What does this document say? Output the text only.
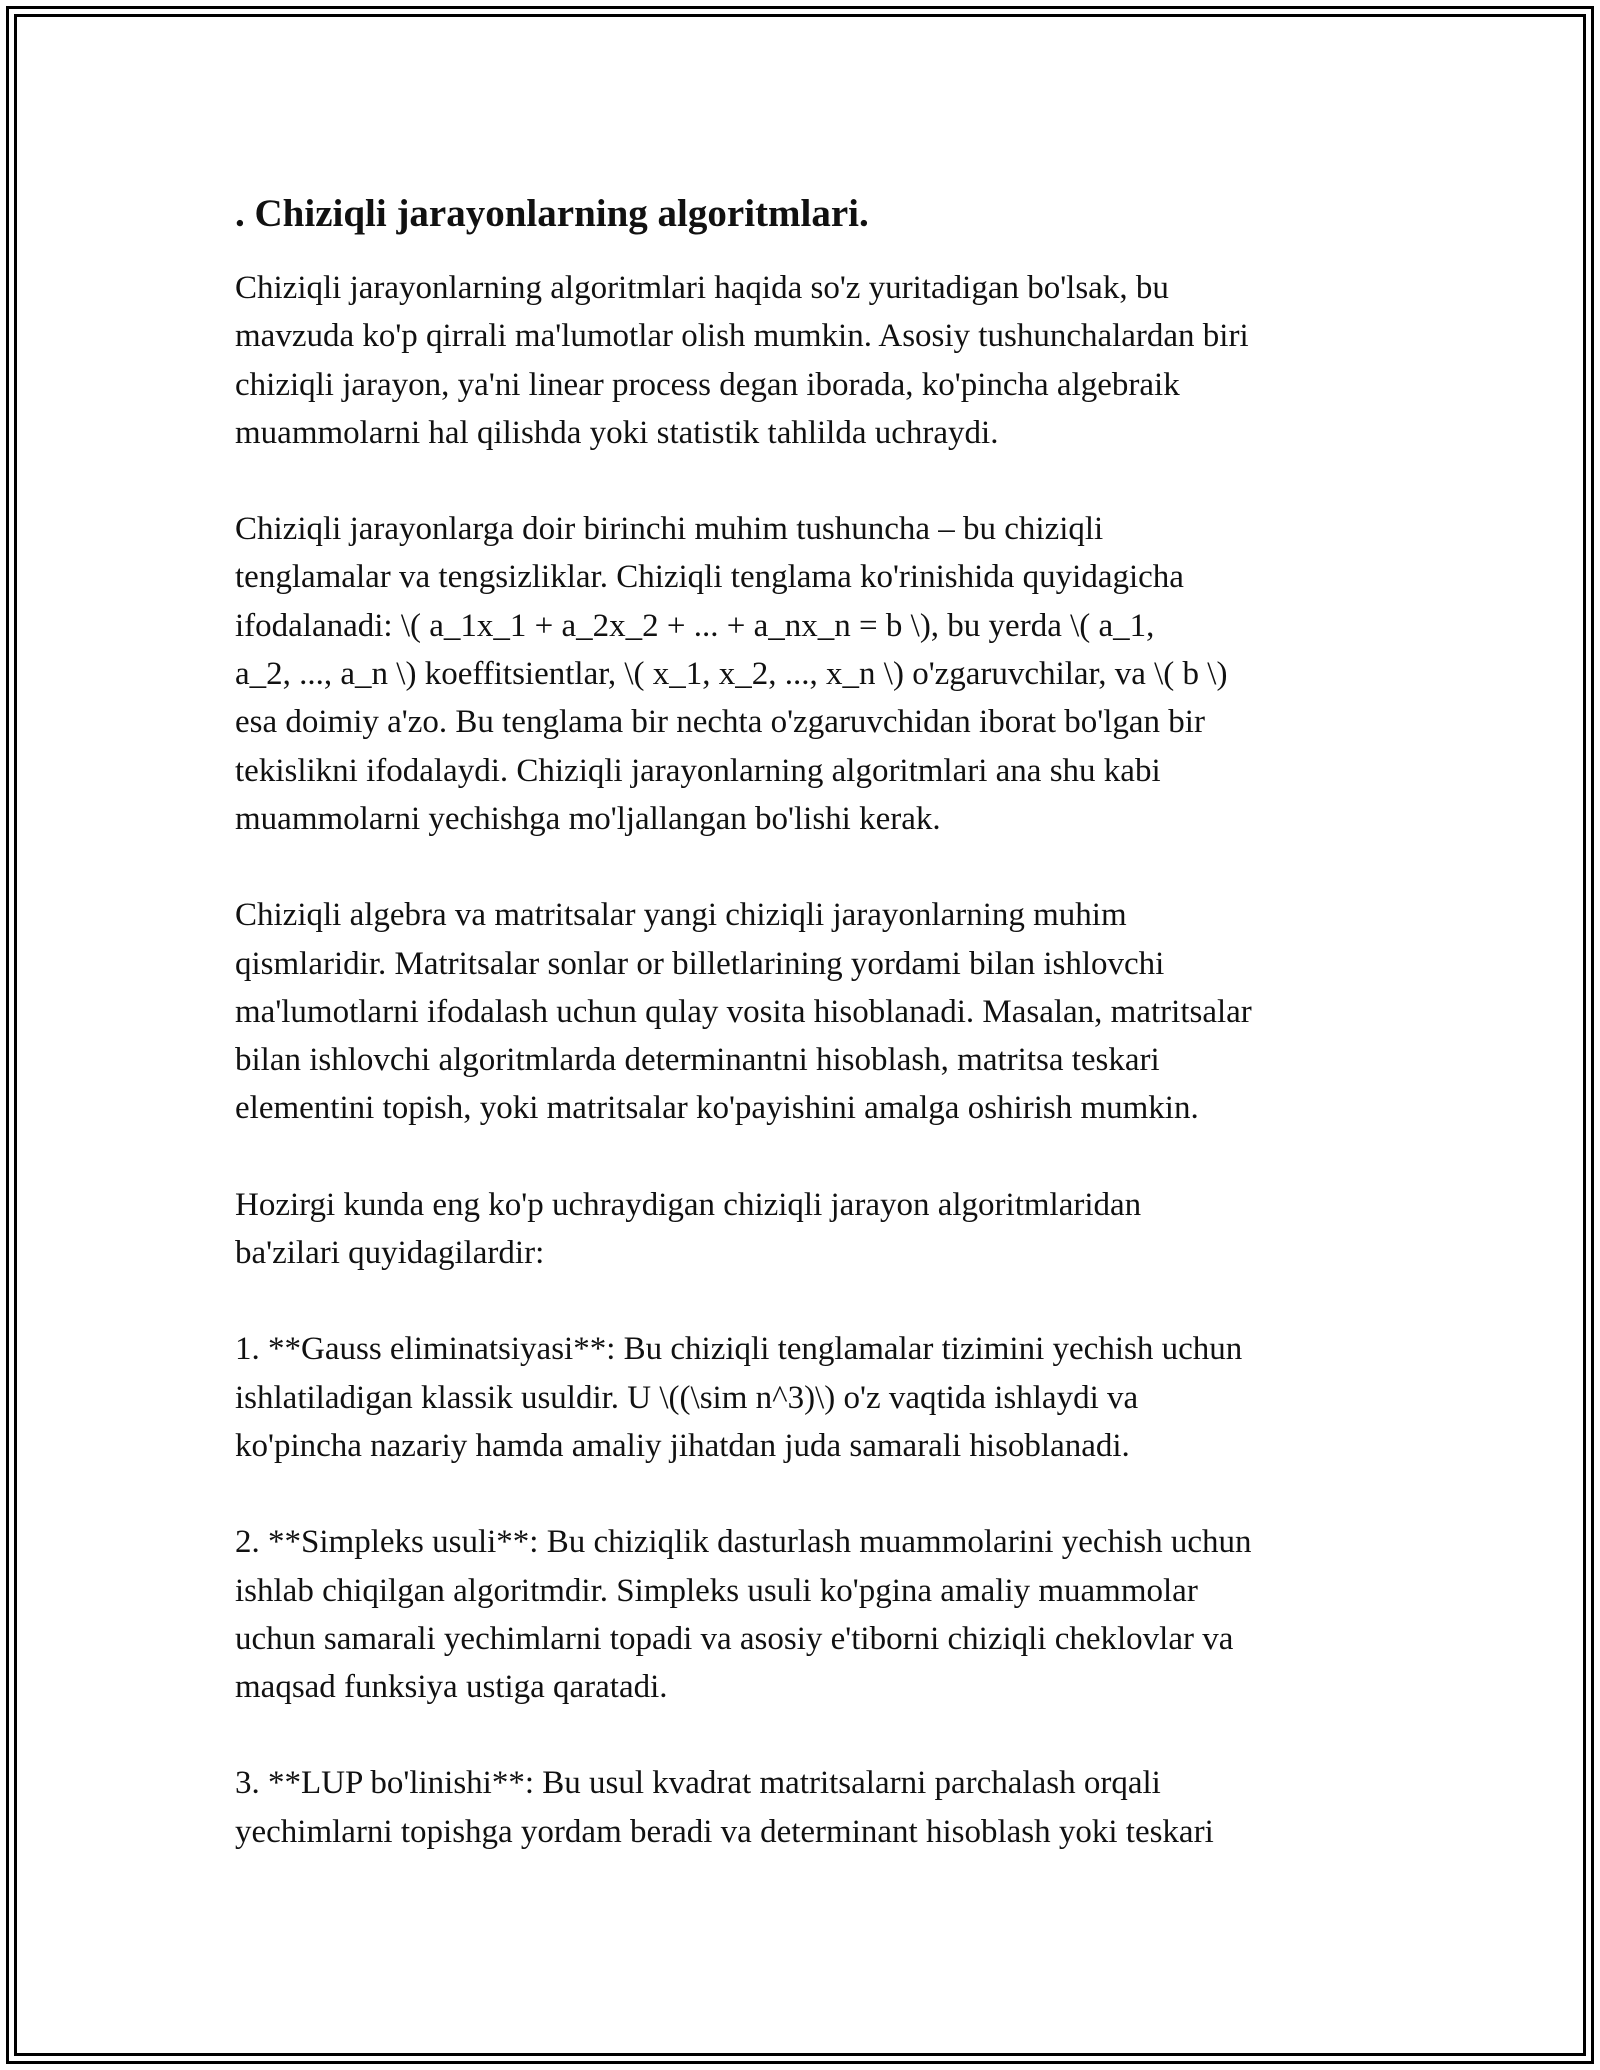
. Chiziqli jarayonlarning algoritmlari.

Chiziqli jarayonlarning algoritmlari haqida so'z yuritadigan bo'lsak, bu
mavzuda ko'p qirrali ma'lumotlar olish mumkin. Asosiy tushunchalardan biri
chiziqli jarayon, ya'ni linear process degan iborada, ko'pincha algebraik
muammolarni hal qilishda yoki statistik tahlilda uchraydi.

Chiziqli jarayonlarga doir birinchi muhim tushuncha – bu chiziqli
tenglamalar va tengsizliklar. Chiziqli tenglama ko'rinishida quyidagicha
ifodalanadi: \( a_1x_1 + a_2x_2 + ... + a_nx_n = b \), bu yerda \( a_1,
a_2, ..., a_n \) koeffitsientlar, \( x_1, x_2, ..., x_n \) o'zgaruvchilar, va \( b \)
esa doimiy a'zo. Bu tenglama bir nechta o'zgaruvchidan iborat bo'lgan bir
tekislikni ifodalaydi. Chiziqli jarayonlarning algoritmlari ana shu kabi
muammolarni yechishga mo'ljallangan bo'lishi kerak.

Chiziqli algebra va matritsalar yangi chiziqli jarayonlarning muhim
qismlaridir. Matritsalar sonlar or billetlarining yordami bilan ishlovchi
ma'lumotlarni ifodalash uchun qulay vosita hisoblanadi. Masalan, matritsalar
bilan ishlovchi algoritmlarda determinantni hisoblash, matritsa teskari
elementini topish, yoki matritsalar ko'payishini amalga oshirish mumkin.

Hozirgi kunda eng ko'p uchraydigan chiziqli jarayon algoritmlaridan
ba'zilari quyidagilardir:

1. **Gauss eliminatsiyasi**: Bu chiziqli tenglamalar tizimini yechish uchun
ishlatiladigan klassik usuldir. U \((\sim n^3)\) o'z vaqtida ishlaydi va
ko'pincha nazariy hamda amaliy jihatdan juda samarali hisoblanadi.

2. **Simpleks usuli**: Bu chiziqlik dasturlash muammolarini yechish uchun
ishlab chiqilgan algoritmdir. Simpleks usuli ko'pgina amaliy muammolar
uchun samarali yechimlarni topadi va asosiy e'tiborni chiziqli cheklovlar va
maqsad funksiya ustiga qaratadi.

3. **LUP bo'linishi**: Bu usul kvadrat matritsalarni parchalash orqali
yechimlarni topishga yordam beradi va determinant hisoblash yoki teskari
